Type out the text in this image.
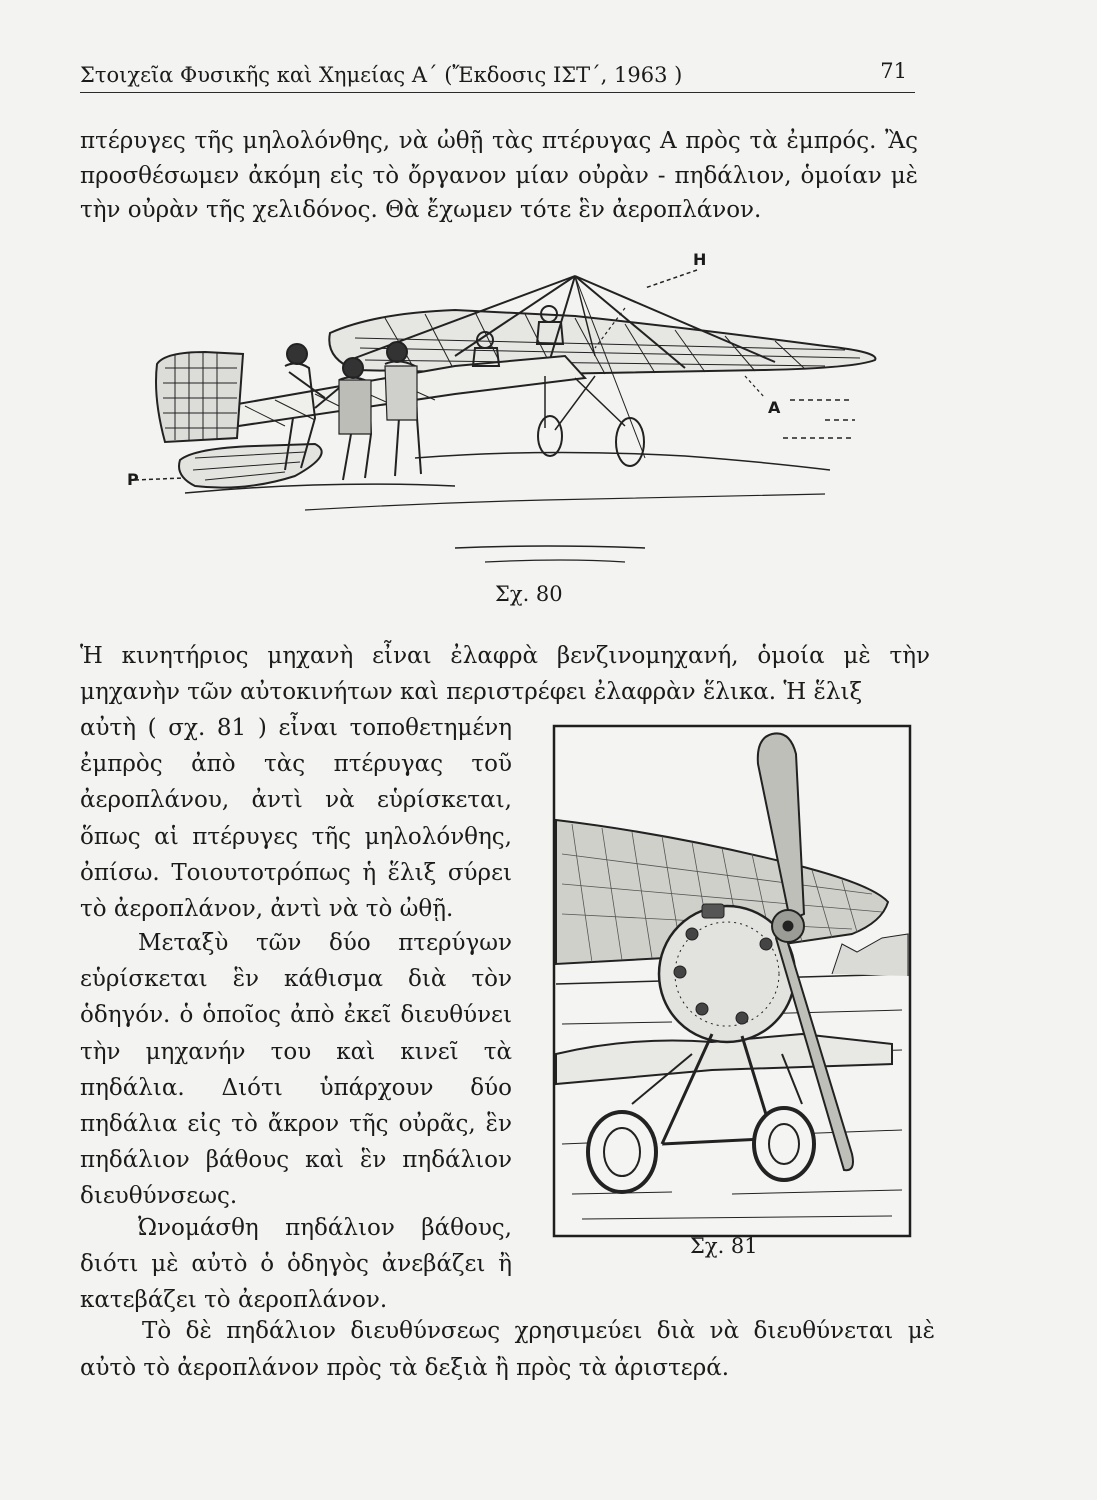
Στοιχεῖα Φυσικῆς καὶ Χημείας Α΄ (Ἔκδοσις ΙΣΤ΄, 1963 )	71

πτέρυγες τῆς μηλολόνθης, νὰ ὠθῇ τὰς πτέρυγας Α πρὸς τὰ ἐμπρός. Ἂς προσθέσωμεν ἀκόμη εἰς τὸ ὄργανον μίαν οὐρὰν - πηδάλιον, ὁμοίαν μὲ τὴν οὐρὰν τῆς χελιδόνος. Θὰ ἔχωμεν τότε ἓν ἀεροπλάνον.

Η
Α
Ρ
Σχ. 80

Ἡ κινητήριος μηχανὴ εἶναι ἐλαφρὰ βενζινομηχανή, ὁμοία μὲ τὴν μηχανὴν τῶν αὐτοκινήτων καὶ περιστρέφει ἐλαφρὰν ἕλικα. Ἡ ἕλιξ

αὐτὴ ( σχ. 81 ) εἶναι τοποθετημένη ἐμπρὸς ἀπὸ τὰς πτέρυγας τοῦ ἀεροπλάνου, ἀντὶ νὰ εὑρίσκεται, ὅπως αἱ πτέρυγες τῆς μηλολόνθης, ὀπίσω. Τοιουτοτρόπως ἡ ἕλιξ σύρει τὸ ἀεροπλάνον, ἀντὶ νὰ τὸ ὠθῇ.

Μεταξὺ τῶν δύο πτερύγων εὑρίσκεται ἓν κάθισμα διὰ τὸν ὁδηγόν. ὁ ὁποῖος ἀπὸ ἐκεῖ διευθύνει τὴν μηχανήν του καὶ κινεῖ τὰ πηδάλια. Διότι ὑπάρχουν δύο πηδάλια εἰς τὸ ἄκρον τῆς οὐρᾶς, ἓν πηδάλιον βάθους καὶ ἓν πηδάλιον διευθύνσεως.

Ὠνομάσθη πηδάλιον βάθους, διότι μὲ αὐτὸ ὁ ὁδηγὸς ἀνεβάζει ἢ κατεβάζει τὸ ἀεροπλάνον.

Σχ. 81

Τὸ δὲ πηδάλιον διευθύνσεως χρησιμεύει διὰ νὰ διευθύνεται μὲ αὐτὸ τὸ ἀεροπλάνον πρὸς τὰ δεξιὰ ἢ πρὸς τὰ ἀριστερά.
